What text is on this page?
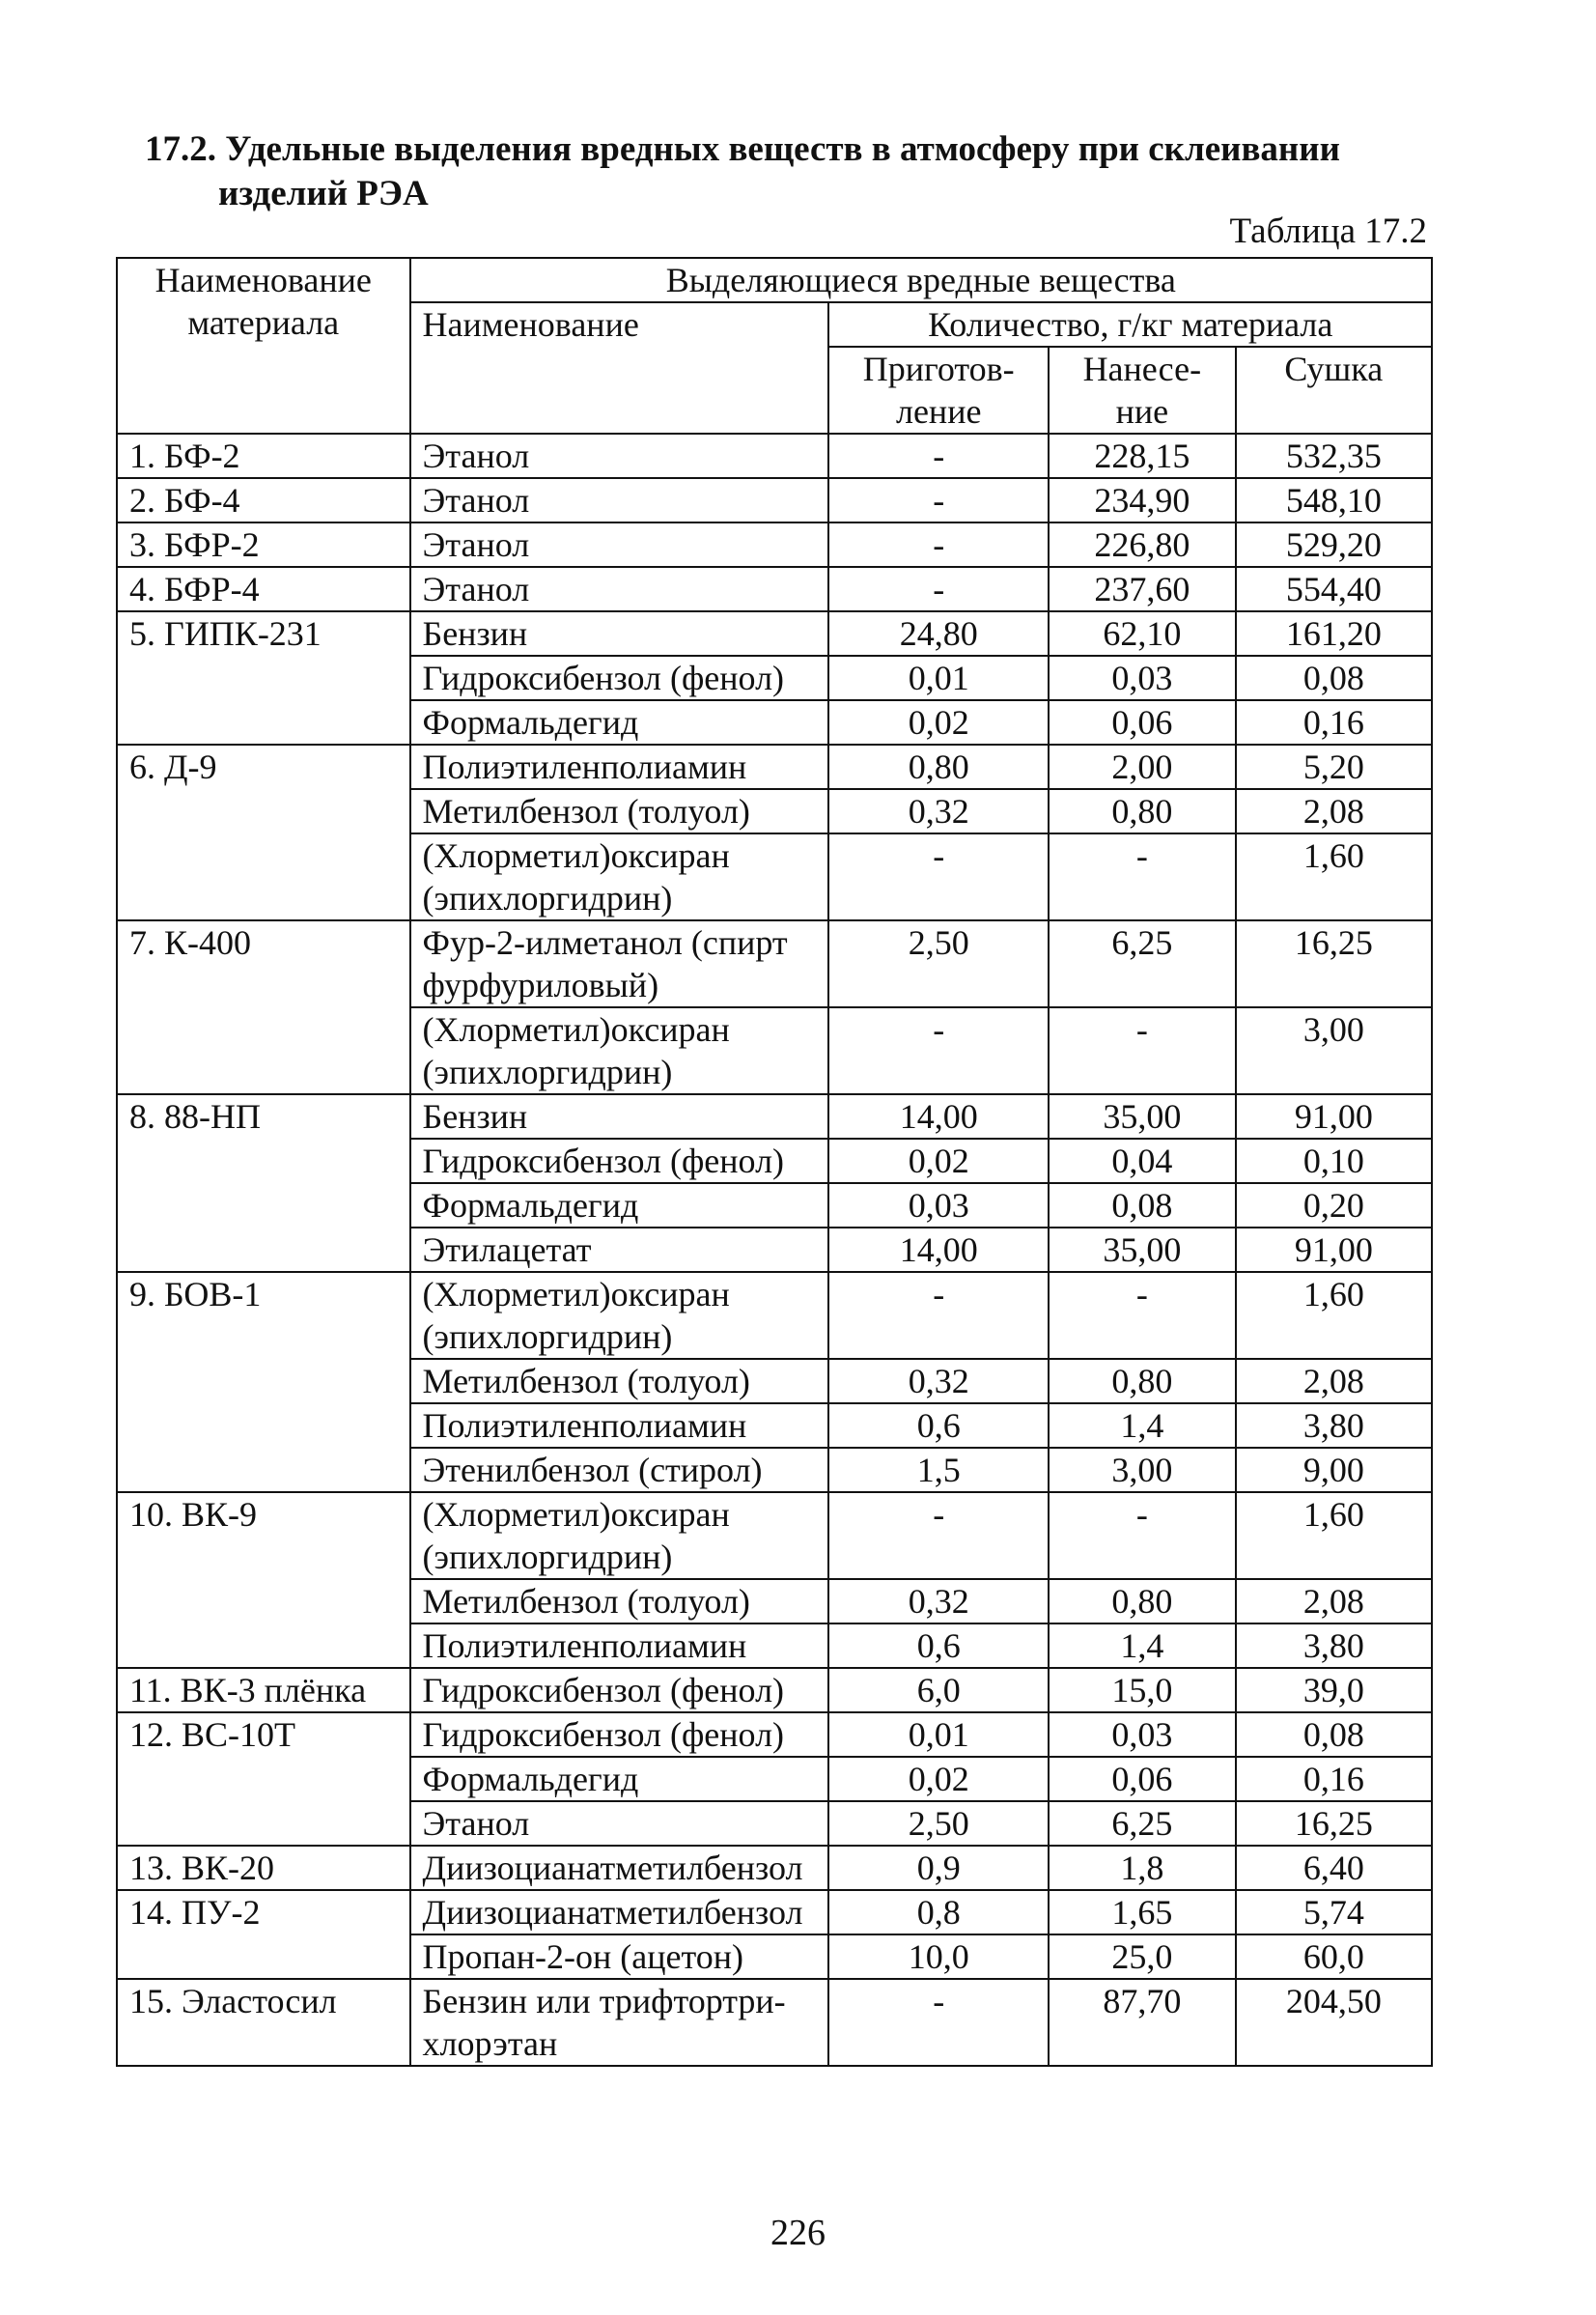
17.2. Удельные выделения вредных веществ в атмосферу при склеивании
изделий РЭА
Таблица 17.2
Наименование материала	Выделяющиеся вредные вещества			
	Наименование	Количество, г/кг материала		
		Приготов-ление	Нанесе-ние	Сушка
1. БФ-2	Этанол	-	228,15	532,35
2. БФ-4	Этанол	-	234,90	548,10
3. БФР-2	Этанол	-	226,80	529,20
4. БФР-4	Этанол	-	237,60	554,40
5. ГИПК-231	Бензин	24,80	62,10	161,20
	Гидроксибензол (фенол)	0,01	0,03	0,08
	Формальдегид	0,02	0,06	0,16
6. Д-9	Полиэтиленполиамин	0,80	2,00	5,20
	Метилбензол (толуол)	0,32	0,80	2,08
	(Хлорметил)оксиран (эпихлоргидрин)	-	-	1,60
7. К-400	Фур-2-илметанол (спирт фурфуриловый)	2,50	6,25	16,25
	(Хлорметил)оксиран (эпихлоргидрин)	-	-	3,00
8. 88-НП	Бензин	14,00	35,00	91,00
	Гидроксибензол (фенол)	0,02	0,04	0,10
	Формальдегид	0,03	0,08	0,20
	Этилацетат	14,00	35,00	91,00
9. БОВ-1	(Хлорметил)оксиран (эпихлоргидрин)	-	-	1,60
	Метилбензол (толуол)	0,32	0,80	2,08
	Полиэтиленполиамин	0,6	1,4	3,80
	Этенилбензол (стирол)	1,5	3,00	9,00
10. ВК-9	(Хлорметил)оксиран (эпихлоргидрин)	-	-	1,60
	Метилбензол (толуол)	0,32	0,80	2,08
	Полиэтиленполиамин	0,6	1,4	3,80
11. ВК-3 плёнка	Гидроксибензол (фенол)	6,0	15,0	39,0
12. ВС-10Т	Гидроксибензол (фенол)	0,01	0,03	0,08
	Формальдегид	0,02	0,06	0,16
	Этанол	2,50	6,25	16,25
13. ВК-20	Диизоцианатметилбензол	0,9	1,8	6,40
14. ПУ-2	Диизоцианатметилбензол	0,8	1,65	5,74
	Пропан-2-он (ацетон)	10,0	25,0	60,0
15. Эластосил	Бензин или трифтортри-хлорэтан	-	87,70	204,50
226
